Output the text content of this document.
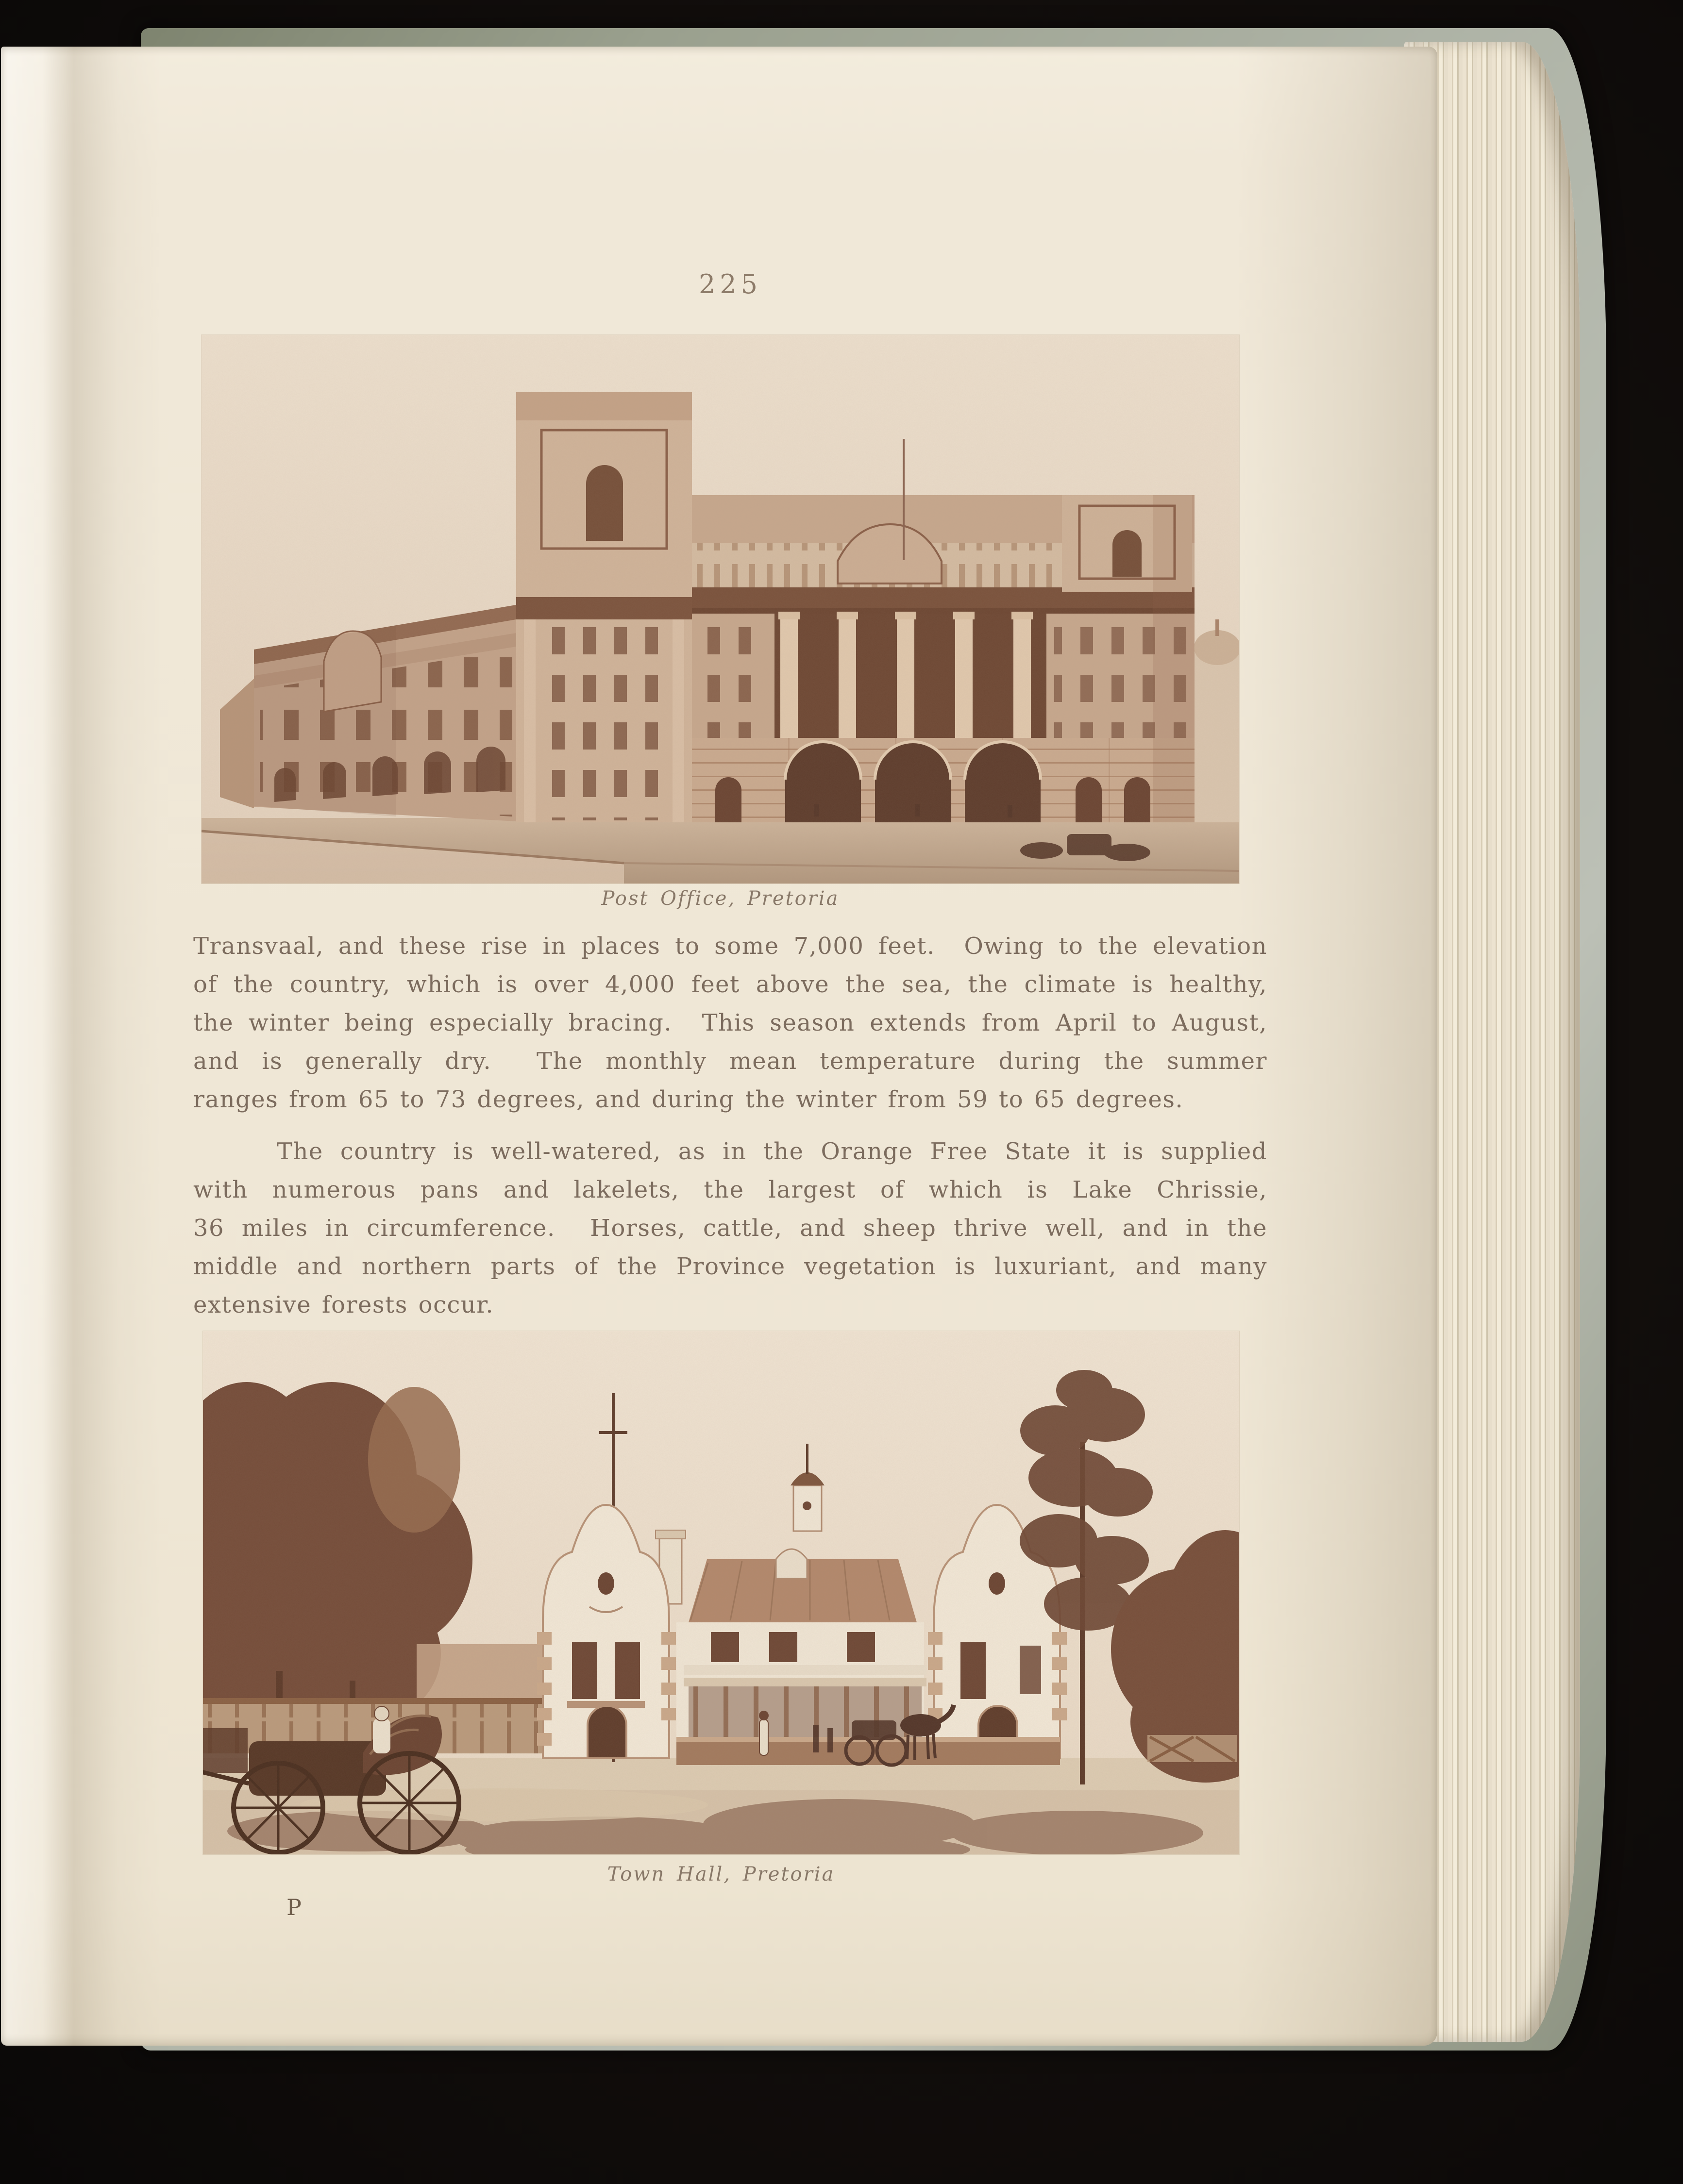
225
Post Office, Pretoria
Transvaal, and these rise in places to some 7,000 feet.  Owing to the elevation
of the country, which is over 4,000 feet above the sea, the climate is healthy,
the winter being especially bracing.  This season extends from April to August,
and is generally dry.  The monthly mean temperature during the summer
ranges from 65 to 73 degrees, and during the winter from 59 to 65 degrees.
The country is well-watered, as in the Orange Free State it is supplied
with numerous pans and lakelets, the largest of which is Lake Chrissie,
36 miles in circumference.  Horses, cattle, and sheep thrive well, and in the
middle and northern parts of the Province vegetation is luxuriant, and many
extensive forests occur.
Town Hall, Pretoria
P
